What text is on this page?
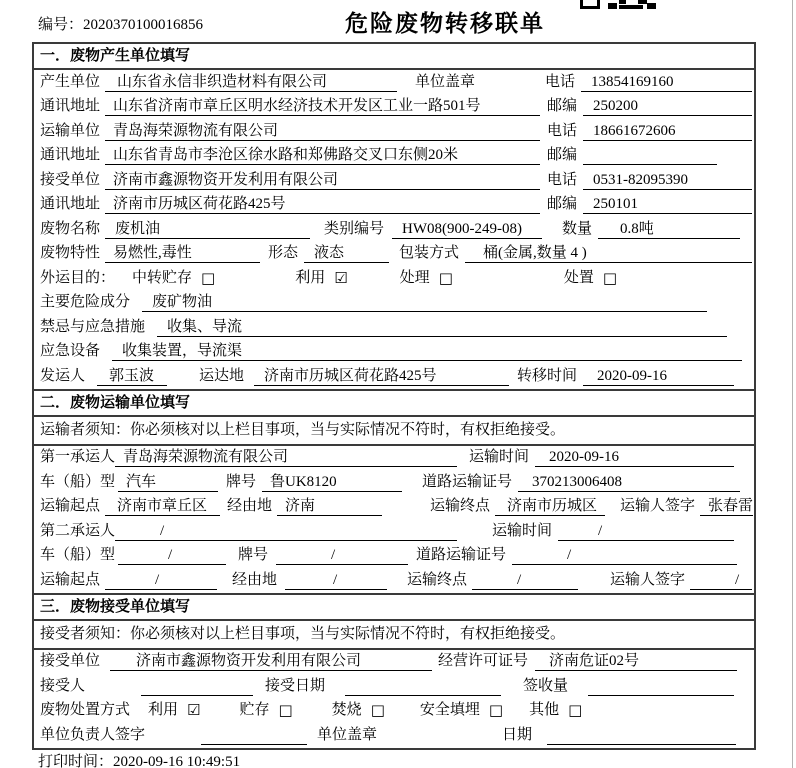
编号：2020370100016856	危险废物转移联单
一．废物产生单位填写
产生单位	山东省永信非织造材料有限公司	单位盖章	电话	13854169160
通讯地址 山东省济南市章丘区明水经济技术开发区工业一路501号	邮编	250200
运输单位 青岛海荣源物流有限公司	电话	18661672606
通讯地址 山东省青岛市李沧区徐水路和郑佛路交叉口东侧20米	邮编
接受单位 济南市鑫源物资开发利用有限公司	电话	0531-82095390
通讯地址 济南市历城区荷花路425号	邮编	250101
废物名称 废机油	类别编号	HW08(900-249-08)	数量	0.8吨
废物特性 易燃性,毒性	形态	液态	包装方式	桶(金属,数量 4 )
外运目的： 中转贮存 □	利用 ☑	处理 □	处置 □
主要危险成分	废矿物油
禁忌与应急措施	收集、导流
应急设备	收集装置，导流渠
发运人	郭玉波	运达地	济南市历城区荷花路425号	转移时间	2020-09-16
二．废物运输单位填写
运输者须知：你必须核对以上栏目事项，当与实际情况不符时，有权拒绝接受。
第一承运人 青岛海荣源物流有限公司	运输时间	2020-09-16
车（船）型 汽车	牌号 鲁UK8120	道路运输证号	370213006408
运输起点	济南市章丘区	经由地 济南	运输终点	济南市历城区	运输人签字 张春雷
第二承运人	/	运输时间	/
车（船）型	/	牌号	/	道路运输证号	/
运输起点	/	经由地	/	运输终点	/	运输人签字	/
三．废物接受单位填写
接受者须知：你必须核对以上栏目事项，当与实际情况不符时，有权拒绝接受。
接受单位	济南市鑫源物资开发利用有限公司	经营许可证号	济南危证02号
接受人	接受日期	签收量
废物处置方式 利用 ☑	贮存 □	焚烧 □ 安全填埋 □ 其他 □
单位负责人签字	单位盖章	日期
打印时间：2020-09-16 10:49:51
